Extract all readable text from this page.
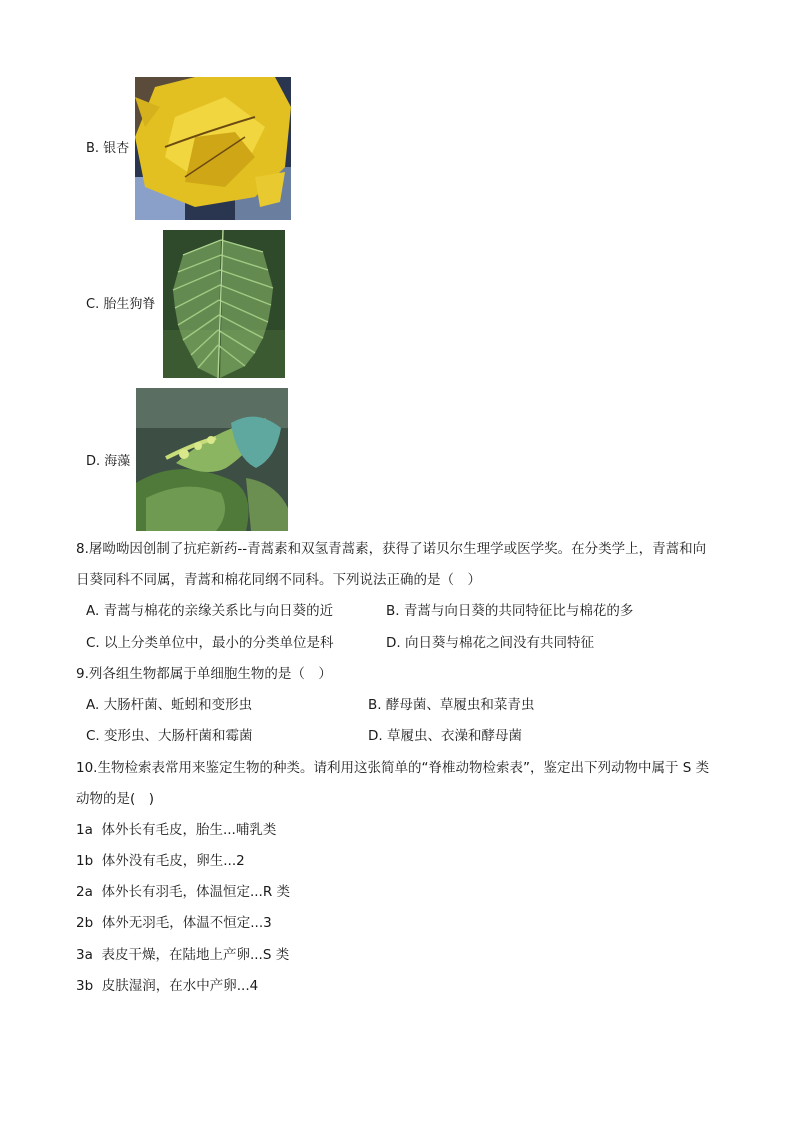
B. 银杏
C. 胎生狗脊
D. 海藻
8.屠呦呦因创制了抗疟新药--青蒿素和双氢青蒿素，获得了诺贝尔生理学或医学奖。在分类学上，青蒿和向
日葵同科不同属，青蒿和棉花同纲不同科。下列说法正确的是（　）
A. 青蒿与棉花的亲缘关系比与向日葵的近	B. 青蒿与向日葵的共同特征比与棉花的多
C. 以上分类单位中，最小的分类单位是科	D. 向日葵与棉花之间没有共同特征
9.列各组生物都属于单细胞生物的是（　）
A. 大肠杆菌、蚯蚓和变形虫	B. 酵母菌、草履虫和菜青虫
C. 变形虫、大肠杆菌和霉菌	D. 草履虫、衣澡和酵母菌
10.生物检索表常用来鉴定生物的种类。请利用这张简单的“脊椎动物检索表”，鉴定出下列动物中属于 S 类
动物的是(　)
1a 体外长有毛皮，胎生...哺乳类
1b 体外没有毛皮，卵生...2
2a 体外长有羽毛，体温恒定...R 类
2b 体外无羽毛，体温不恒定...3
3a 表皮干燥，在陆地上产卵...S 类
3b 皮肤湿润，在水中产卵...4
